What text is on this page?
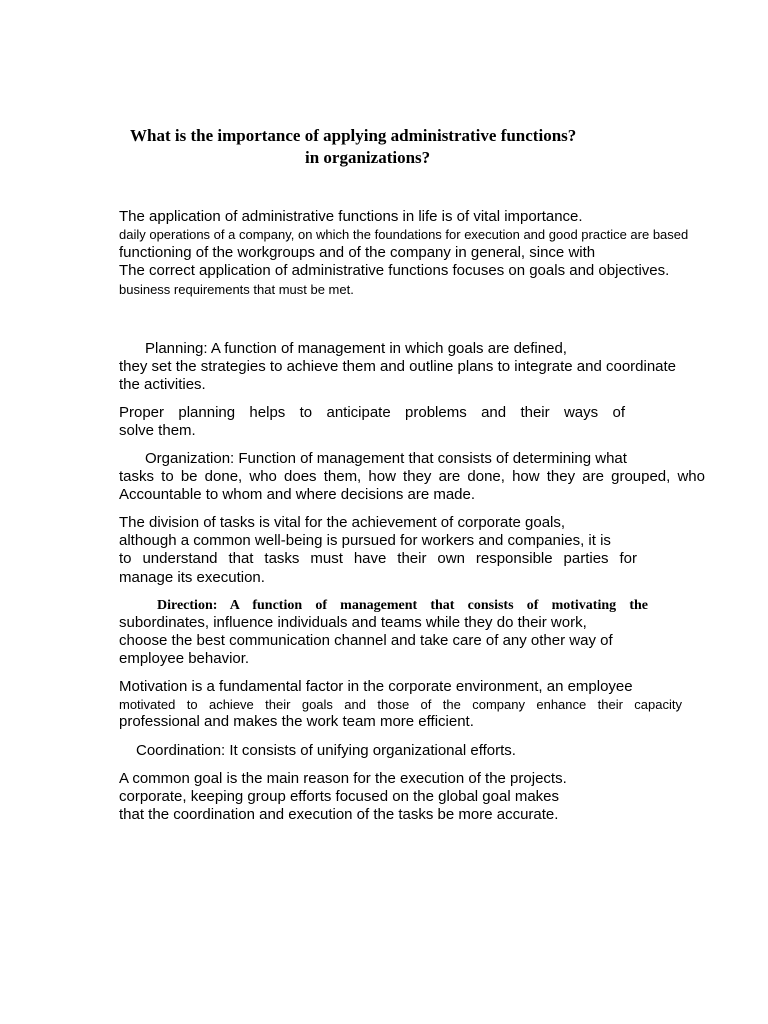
What is the importance of applying administrative functions?
in organizations?
The application of administrative functions in life is of vital importance.
daily operations of a company, on which the foundations for execution and good practice are based
functioning of the workgroups and of the company in general, since with
The correct application of administrative functions focuses on goals and objectives.
business requirements that must be met.
Planning: A function of management in which goals are defined,
they set the strategies to achieve them and outline plans to integrate and coordinate
the activities.
Proper planning helps to anticipate problems and their ways of
solve them.
Organization: Function of management that consists of determining what
tasks to be done, who does them, how they are done, how they are grouped, who
Accountable to whom and where decisions are made.
The division of tasks is vital for the achievement of corporate goals,
although a common well-being is pursued for workers and companies, it is
to understand that tasks must have their own responsible parties for
manage its execution.
Direction: A function of management that consists of motivating the
subordinates, influence individuals and teams while they do their work,
choose the best communication channel and take care of any other way of
employee behavior.
Motivation is a fundamental factor in the corporate environment, an employee
motivated to achieve their goals and those of the company enhance their capacity
professional and makes the work team more efficient.
Coordination: It consists of unifying organizational efforts.
A common goal is the main reason for the execution of the projects.
corporate, keeping group efforts focused on the global goal makes
that the coordination and execution of the tasks be more accurate.
